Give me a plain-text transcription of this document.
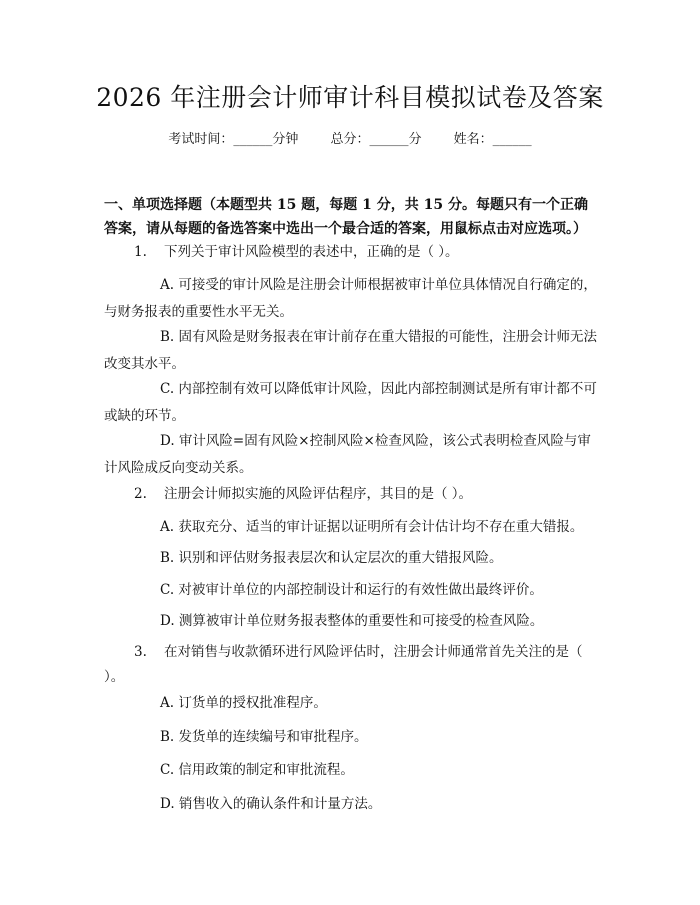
2026 年注册会计师审计科目模拟试卷及答案
考试时间：______分钟 总分：______分 姓名：______
一、单项选择题（本题型共 15 题，每题 1 分，共 15 分。每题只有一个正确答案，请从每题的备选答案中选出一个最合适的答案，用鼠标点击对应选项。）
1. 下列关于审计风险模型的表述中，正确的是（ ）。
A. 可接受的审计风险是注册会计师根据被审计单位具体情况自行确定的，与财务报表的重要性水平无关。
B. 固有风险是财务报表在审计前存在重大错报的可能性，注册会计师无法改变其水平。
C. 内部控制有效可以降低审计风险，因此内部控制测试是所有审计都不可或缺的环节。
D. 审计风险=固有风险×控制风险×检查风险，该公式表明检查风险与审计风险成反向变动关系。
2. 注册会计师拟实施的风险评估程序，其目的是（ ）。
A. 获取充分、适当的审计证据以证明所有会计估计均不存在重大错报。
B. 识别和评估财务报表层次和认定层次的重大错报风险。
C. 对被审计单位的内部控制设计和运行的有效性做出最终评价。
D. 测算被审计单位财务报表整体的重要性和可接受的检查风险。
3. 在对销售与收款循环进行风险评估时，注册会计师通常首先关注的是（ ）。
A. 订货单的授权批准程序。
B. 发货单的连续编号和审批程序。
C. 信用政策的制定和审批流程。
D. 销售收入的确认条件和计量方法。
